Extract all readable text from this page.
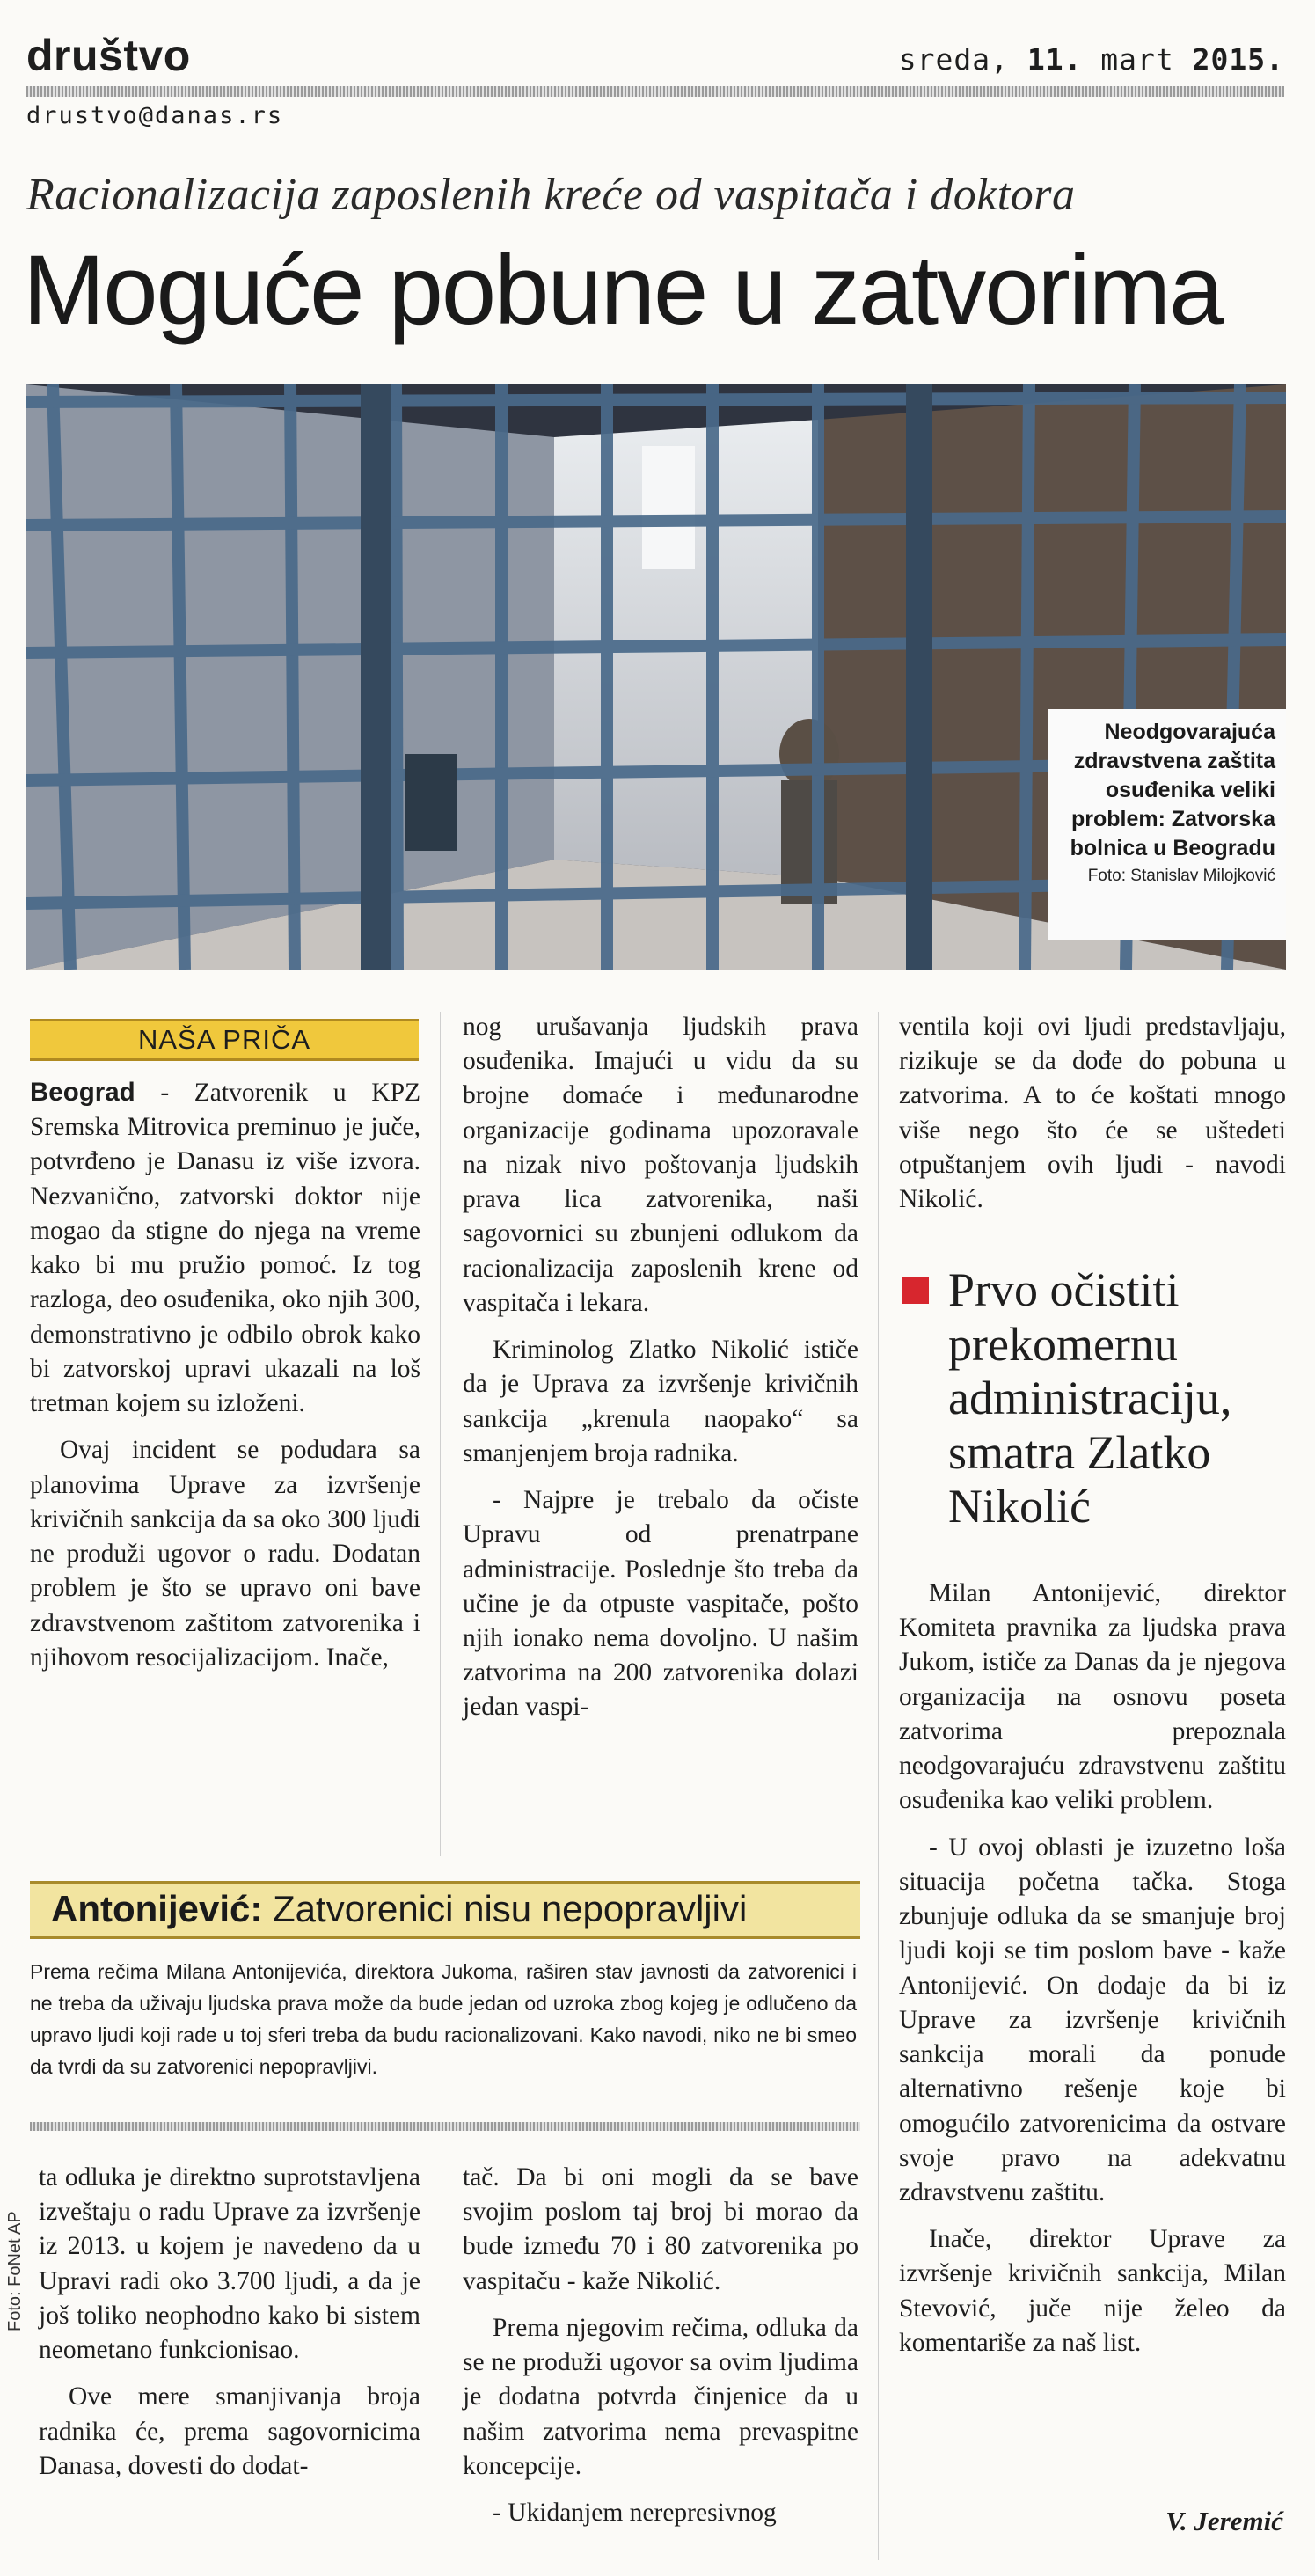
društvo	sreda, 11. mart 2015.
drustvo@danas.rs
Racionalizacija zaposlenih kreće od vaspitača i doktora
Moguće pobune u zatvorima
Neodgovarajuća zdravstvena zaštita osuđenika veliki problem: Zatvorska bolnica u Beogradu
Foto: Stanislav Milojković
NAŠA PRIČA

Beograd - Zatvorenik u KPZ Sremska Mitrovica preminuo je juče, potvrđeno je Danasu iz više izvora. Nezvanično, zatvorski doktor nije mogao da stigne do njega na vreme kako bi mu pružio pomoć. Iz tog razloga, deo osuđenika, oko njih 300, demonstrativno je odbilo obrok kako bi zatvorskoj upravi ukazali na loš tretman kojem su izloženi.

Ovaj incident se podudara sa planovima Uprave za izvršenje krivičnih sankcija da sa oko 300 ljudi ne produži ugovor o radu. Dodatan problem je što se upravo oni bave zdravstvenom zaštitom zatvorenika i njihovom resocijalizacijom. Inače,

nog urušavanja ljudskih prava osuđenika. Imajući u vidu da su brojne domaće i međunarodne organizacije godinama upozoravale na nizak nivo poštovanja ljudskih prava lica zatvorenika, naši sagovornici su zbunjeni odlukom da racionalizacija zaposlenih krene od vaspitača i lekara.

Kriminolog Zlatko Nikolić ističe da je Uprava za izvršenje krivičnih sankcija „krenula naopako“ sa smanjenjem broja radnika.

- Najpre je trebalo da očiste Upravu od prenatrpane administracije. Poslednje što treba da učine je da otpuste vaspitače, pošto njih ionako nema dovoljno. U našim zatvorima na 200 zatvorenika dolazi jedan vaspi-

ventila koji ovi ljudi predstavljaju, rizikuje se da dođe do pobuna u zatvorima. A to će koštati mnogo više nego što će se uštedeti otpuštanjem ovih ljudi - navodi Nikolić.

Prvo očistiti prekomernu administraciju, smatra Zlatko Nikolić

Milan Antonijević, direktor Komiteta pravnika za ljudska prava Jukom, ističe za Danas da je njegova organizacija na osnovu poseta zatvorima prepoznala neodgovarajuću zdravstvenu zaštitu osuđenika kao veliki problem.

- U ovoj oblasti je izuzetno loša situacija početna tačka. Stoga zbunjuje odluka da se smanjuje broj ljudi koji se tim poslom bave - kaže Antonijević. On dodaje da bi iz Uprave za izvršenje krivičnih sankcija morali da ponude alternativno rešenje koje bi omogućilo zatvorenicima da ostvare svoje pravo na adekvatnu zdravstvenu zaštitu.

Inače, direktor Uprave za izvršenje krivičnih sankcija, Milan Stevović, juče nije želeo da komentariše za naš list.

Antonijević: Zatvorenici nisu nepopravljivi
Prema rečima Milana Antonijevića, direktora Jukoma, raširen stav javnosti da zatvorenici i ne treba da uživaju ljudska prava može da bude jedan od uzroka zbog kojeg je odlučeno da upravo ljudi koji rade u toj sferi treba da budu racionalizovani. Kako navodi, niko ne bi smeo da tvrdi da su zatvorenici nepopravljivi.
Foto: FoNet AP

ta odluka je direktno suprotstavljena izveštaju o radu Uprave za izvršenje iz 2013. u kojem je navedeno da u Upravi radi oko 3.700 ljudi, a da je još toliko neophodno kako bi sistem neometano funkcionisao.

Ove mere smanjivanja broja radnika će, prema sagovornicima Danasa, dovesti do dodat-

tač. Da bi oni mogli da se bave svojim poslom taj broj bi morao da bude između 70 i 80 zatvorenika po vaspitaču - kaže Nikolić.

Prema njegovim rečima, odluka da se ne produži ugovor sa ovim ljudima je dodatna potvrda činjenice da u našim zatvorima nema prevaspitne koncepcije.

- Ukidanjem nerepresivnog	V. Jeremić
